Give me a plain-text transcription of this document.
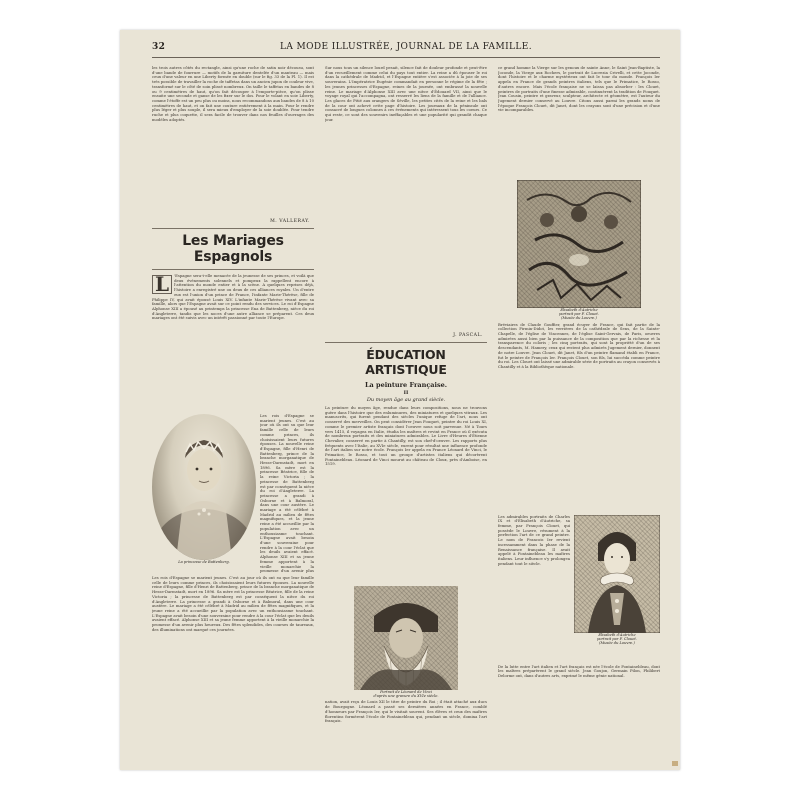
32	LA MODE ILLUSTRÉE, JOURNAL DE LA FAMILLE.
les trois autres côtés du rectangle, ainsi qu'une roche de satin noir décousu, sont d'une bande de fourrure — motifs de la garniture dentelée d'un manteau — mais ceux d'une valeur en une Liberty formée en double (sur le fig. 33 de la Pl. 1). Il est très possible de travailler la roche de taffetas dans un ancien jupon de couleur vive, transformé sur le côté de soin plissé nombreux. On taille le taffetas en bandes de 8 ou 9 centimètres de haut, qu'on fait découper à l'emporte-pièce, qu'on plisse ensuite une seconde et ganse de les fixer sur le dos. Pour le volant en soie Liberty, comme l'étoffe est un peu plus ou moins, nous recommandons aux bandes de 8 à 10 centimètres de haut, et on fait une couture entièrement à la main. Pour le rendre plus léger et plus souple, il sera mieux d'employer de la soie doublée. Pour tendre ruche et plus coquette, il sera facile de trouver dans nos feuilles d'ouvrages des modèles adoptés.
M. VALLERAY.
Les Mariages Espagnols
L	'Espagne sera-t-elle menacée de la jeunesse de ses princes, et voilà que deux événements solennels et pompeux la rappellent encore à l'attention du monde entier et à la scène. A quelques reprises déjà, l'histoire a enregistré une ou deux de ces alliances royales. Un d'entre eux est l'union d'un prince de France, l'infante Marie-Thérèse, fille de Philippe IV, qui avait épousé Louis XIV. L'infante Marie-Thérèse vivant avec sa famille, alors que l'Espagne avait sur ce point rendu des services. Le roi d'Espagne Alphonse XIII a épousé au printemps la princesse Ena de Battenberg, nièce du roi d'Angleterre, tandis que les noces d'une autre alliance se préparent. Ces deux mariages ont été suivis avec un intérêt passionné par toute l'Europe.
La princesse de Battenberg.
Les rois d'Espagne se marient jeunes. C'est au jour où ils ont su que leur famille celle de leurs comme princes, ils choisissaient leurs futures épouses. La nouvelle reine d'Espagne, fille d'Henri de Battenberg, prince de la branche morganatique de Hesse-Darmstadt, mort en 1896. Sa mère est la princesse Béatrice, fille de la reine Victoria ; la princesse de Battenberg est par conséquent la nièce du roi d'Angleterre. La princesse a grandi à Osborne et à Balmoral, dans une cour austère. Le mariage a été célébré à Madrid au milieu de fêtes magnifiques, et la jeune reine a été accueillie par la population avec un enthousiasme touchant. L'Espagne avait besoin d'une souveraine pour rendre à la cour l'éclat que les deuils avaient effacé. Alphonse XIII et sa jeune femme apportent à la vieille monarchie la promesse d'un avenir plus
Les rois d'Espagne se marient jeunes. C'est au jour où ils ont su que leur famille celle de leurs comme princes, ils choisissaient leurs futures épouses. La nouvelle reine d'Espagne, fille d'Henri de Battenberg, prince de la branche morganatique de Hesse-Darmstadt, mort en 1896. Sa mère est la princesse Béatrice, fille de la reine Victoria ; la princesse de Battenberg est par conséquent la nièce du roi d'Angleterre. La princesse a grandi à Osborne et à Balmoral, dans une cour austère. Le mariage a été célébré à Madrid au milieu de fêtes magnifiques, et la jeune reine a été accueillie par la population avec un enthousiasme touchant. L'Espagne avait besoin d'une souveraine pour rendre à la cour l'éclat que les deuils avaient effacé. Alphonse XIII et sa jeune femme apportent à la vieille monarchie la promesse d'un avenir plus heureux. Des fêtes splendides, des courses de taureaux, des illuminations ont marqué ces journées.
Sur nous tous un silence lourd pesait, silence fait de douleur profonde et peut-être d'un recueillement comme celui du pays tout entier. La reine a dû épouser le roi dans la cathédrale de Madrid, et l'Espagne entière s'est associée à la joie de ses souverains. L'Impératrice Eugénie commandait en personne le régime de la fête ; les jeunes princesses d'Espagne, reines de la journée, ont embrassé la nouvelle reine. Le mariage d'Alphonse XIII avec une nièce d'Édouard VII, ainsi que le voyage royal qui l'accompagna, ont resserré les liens de la famille et de l'alliance. Les glaces de Pitié aux orangers de Séville, les petites cités de la reine et les bals de la cour ont achevé cette page d'histoire. Les journaux de la péninsule ont consacré de longues colonnes à ces événements qui intéressent tous les coeurs. Ce qui reste, ce sont des souvenirs ineffaçables et une popularité qui grandit chaque jour.
J. PASCAL.
ÉDUCATION ARTISTIQUE
La peinture Française.
II
Du moyen âge au grand siècle.
La peinture du moyen âge, rendue dans leurs compositions, nous ne trouvons guère dans l'histoire que des enluminures, des miniatures et quelques vitraux. Les manuscrits, qui furent pendant des siècles l'unique refuge de l'art, nous ont conservé des merveilles. On peut considérer Jean Fouquet, peintre du roi Louis XI, comme le premier artiste français dont l'oeuvre nous soit parvenue. Né à Tours vers 1415, il voyagea en Italie, étudia les maîtres et revint en France où il exécuta de nombreux portraits et des miniatures admirables. Le Livre d'Heures d'Étienne Chevalier, conservé en partie à Chantilly, est son chef-d'oeuvre. Les rapports plus fréquents avec l'Italie, au XVIe siècle, eurent pour résultat une influence profonde de l'art italien sur notre école. François Ier appela en France Léonard de Vinci, le Primatice, le Rosso, et tout un groupe d'artistes italiens qui décorèrent Fontainebleau. Léonard de Vinci mourut au château de Cloux, près d'Amboise, en 1519.
Portrait de Léonard de Vinci
d'après une gravure du XVIe siècle.
nation, avait reçu de Louis XII le titre de peintre du Roi ; il était attaché aux ducs de Bourgogne. Léonard a passé ses dernières années en France, comblé d'honneurs par François Ier, qui le visitait souvent. Ses élèves et ceux des maîtres florentins formèrent l'école de Fontainebleau qui, pendant un siècle, domina l'art français.
ce grand homme la Vierge sur les genoux de sainte Anne, le Saint Jean-Baptiste, la Joconde, la Vierge aux Rochers, le portrait de Lucrezia Crivelli, et cette Joconde, dont l'histoire et le charme mystérieux ont fait le tour du monde. François Ier appela en France de grands peintres italiens, tels que le Primatice, le Rosso, d'autres encore. Mais l'école française ne se laissa pas absorber : les Clouet, peintres de portraits d'une finesse admirable, continuèrent la tradition de Fouquet. Jean Cousin, peintre et graveur, sculpteur, architecte et géomètre, est l'auteur du Jugement dernier conservé au Louvre. Citons aussi parmi les grands noms de l'époque François Clouet, dit Janet, dont les crayons sont d'une précision et d'une vie incomparables.
Élisabeth d'Autriche
portrait par F. Clouet.
(Musée du Louvre.)
Bréviaires de Claude Gouffier, grand écuyer de France, qui fait partie de la collection Firmin-Didot, les verrières de la cathédrale de Sens, de la Sainte-Chapelle, de l'église de Vincennes, de l'église Saint-Gervais, de Paris, oeuvres admirées aussi bien par la puissance de la composition que par la richesse et la transparence du coloris ; les cinq portraits, qui sont la propriété d'un de ses descendants, M. Hamery, ceux qui restent plus admirés Jugement dernier, donnent de notre Louvre. Jean Clouet, dit Janet, fils d'un peintre flamand établi en France, fut le peintre de François Ier. François Clouet, son fils, lui succéda comme peintre du roi. Les Clouet ont laissé une admirable série de portraits au crayon conservés à Chantilly et à la Bibliothèque nationale.
Élisabeth d'Autriche
portrait par F. Clouet.
(Musée du Louvre.)
Les admirables portraits de Charles IX et d'Élisabeth d'Autriche, sa femme, par François Clouet, qui possède le Louvre, résument à la perfection l'art de ce grand peintre. Le nom de Francois Ier revient incessamment dans la phase de la Renaissance française. Il avait appelé à Fontainebleau les maîtres italiens. Leur influence s'y prolongea pendant tout le siècle.
De la lutte entre l'art italien et l'art français est née l'école de Fontainebleau, dont les maîtres préparèrent le grand siècle. Jean Goujon, Germain Pilon, Philibert Delorme ont, dans d'autres arts, exprimé le même génie national.
